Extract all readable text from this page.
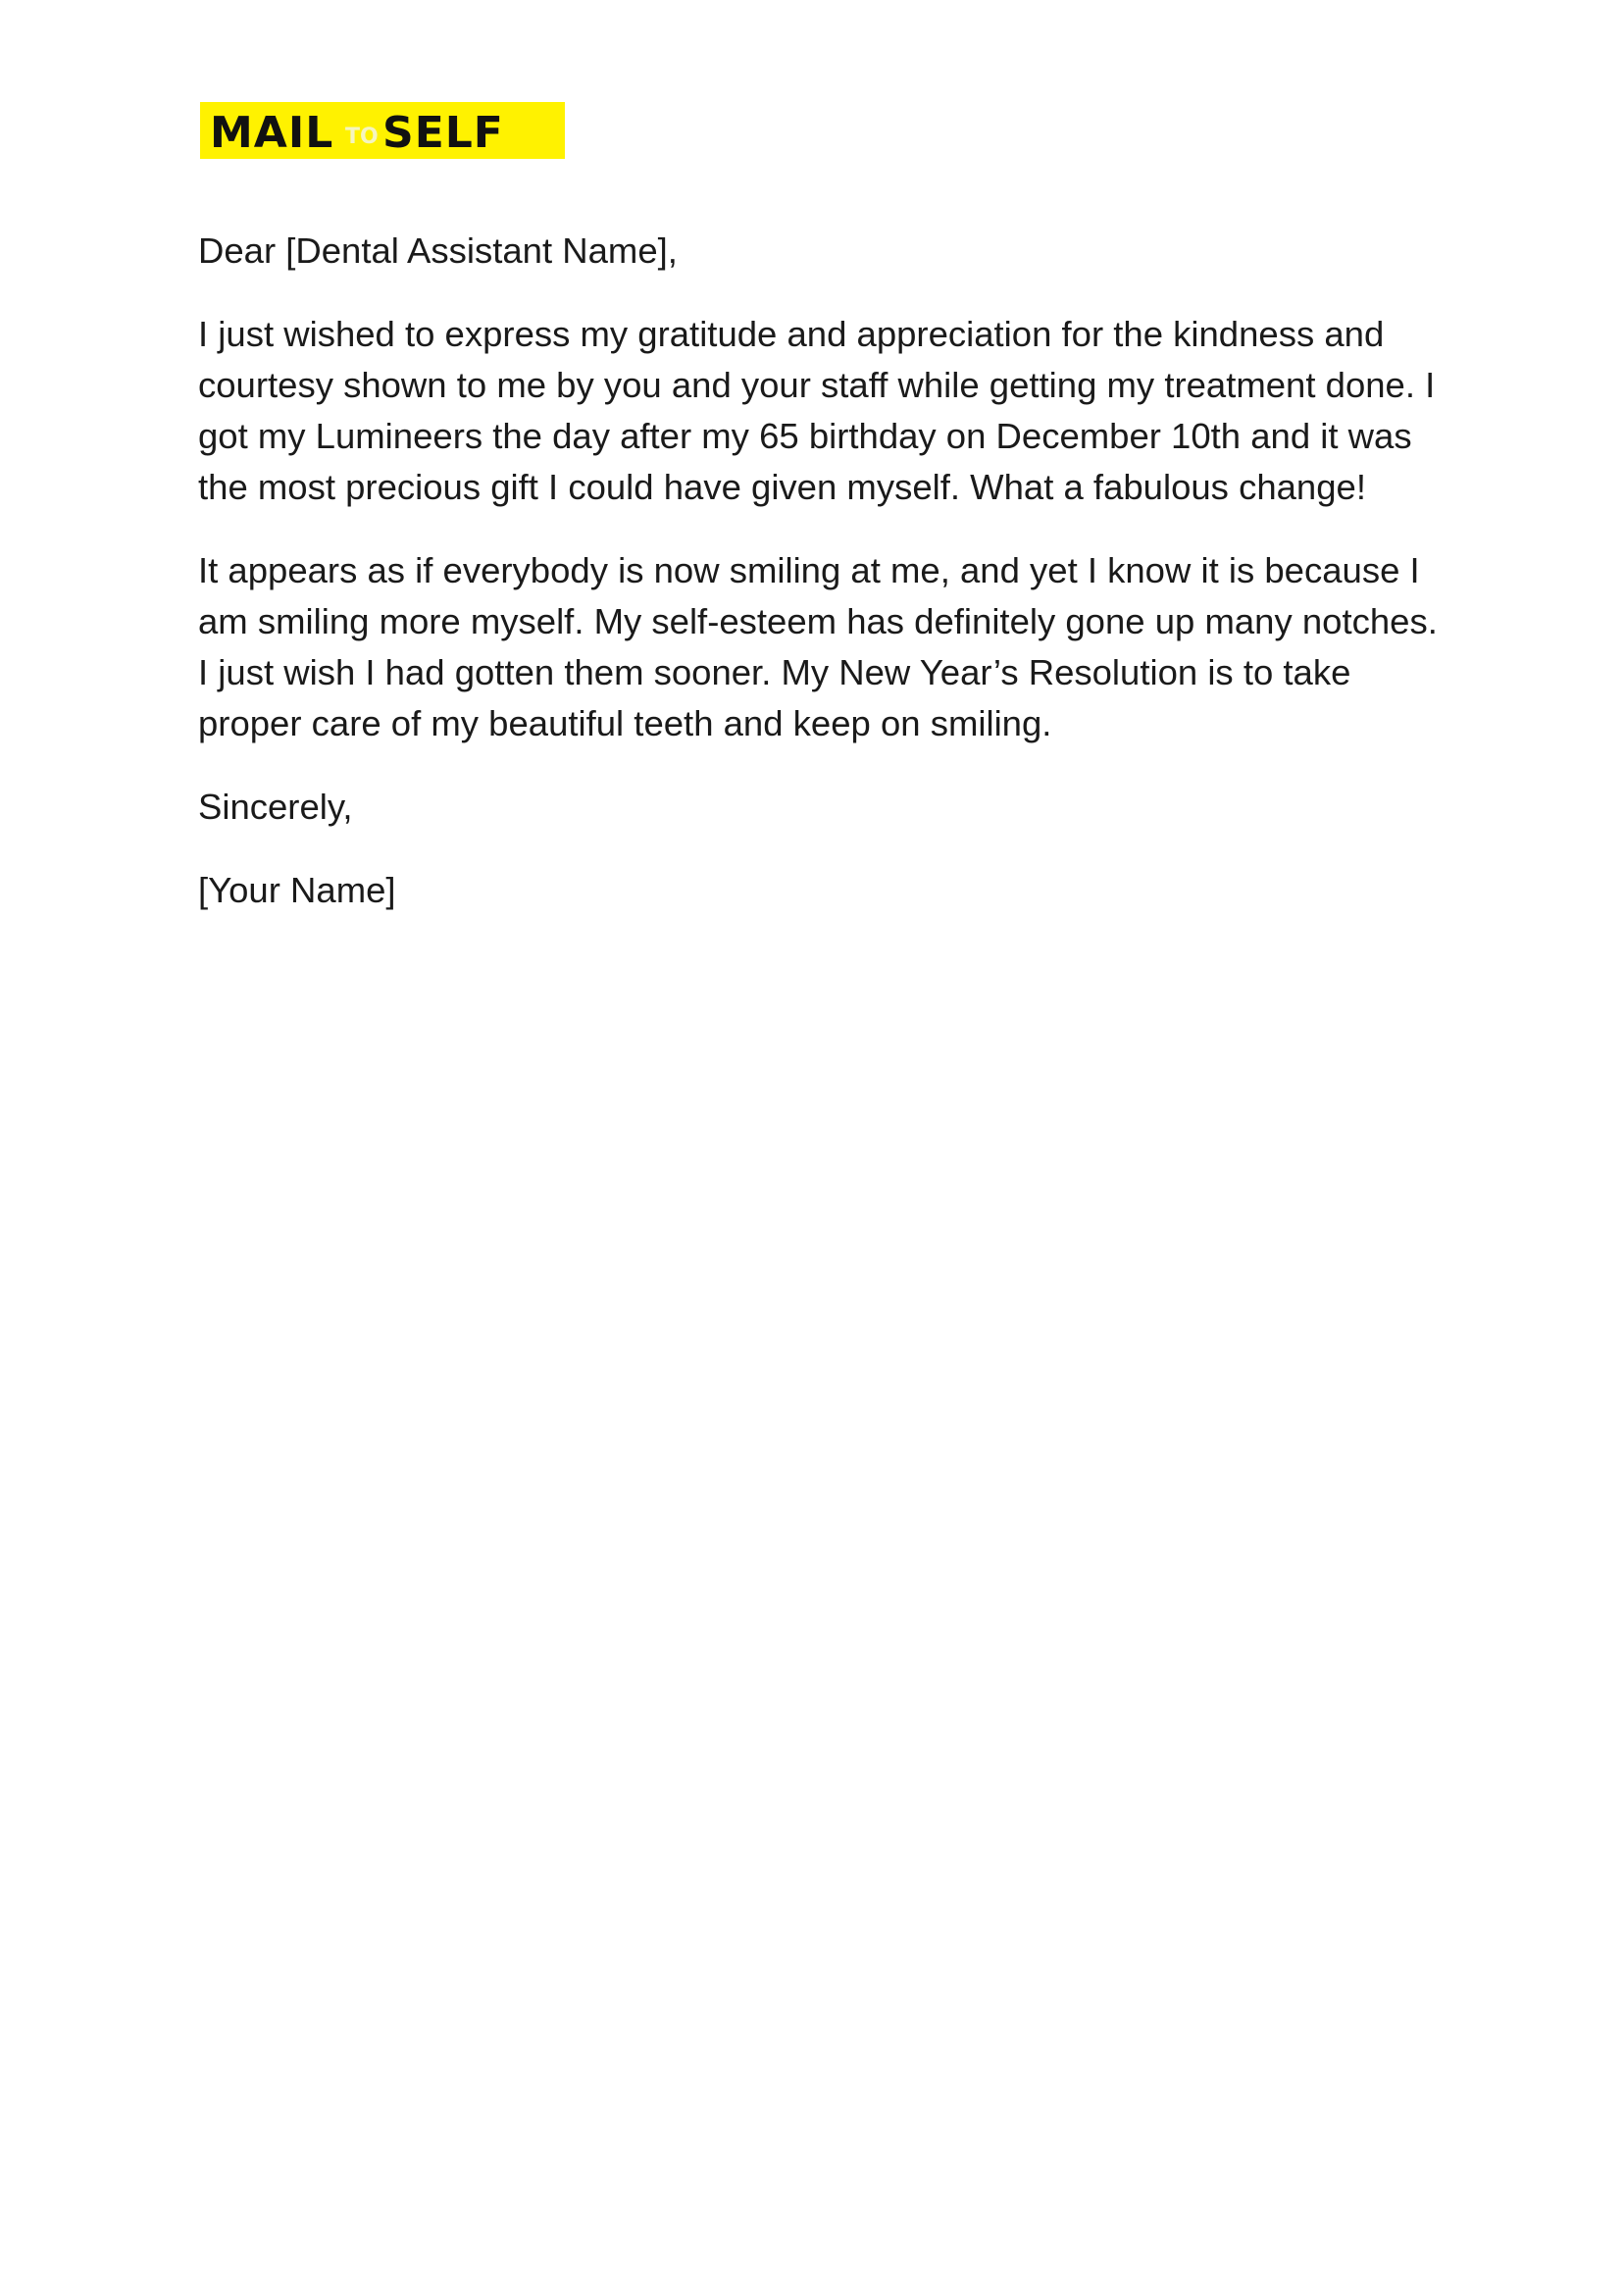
MAIL TO SELF

Dear [Dental Assistant Name],

I just wished to express my gratitude and appreciation for the kindness and courtesy shown to me by you and your staff while getting my treatment done. I got my Lumineers the day after my 65 birthday on December 10th and it was the most precious gift I could have given myself. What a fabulous change!

It appears as if everybody is now smiling at me, and yet I know it is because I am smiling more myself. My self-esteem has definitely gone up many notches. I just wish I had gotten them sooner. My New Year’s Resolution is to take proper care of my beautiful teeth and keep on smiling.

Sincerely,

[Your Name]
